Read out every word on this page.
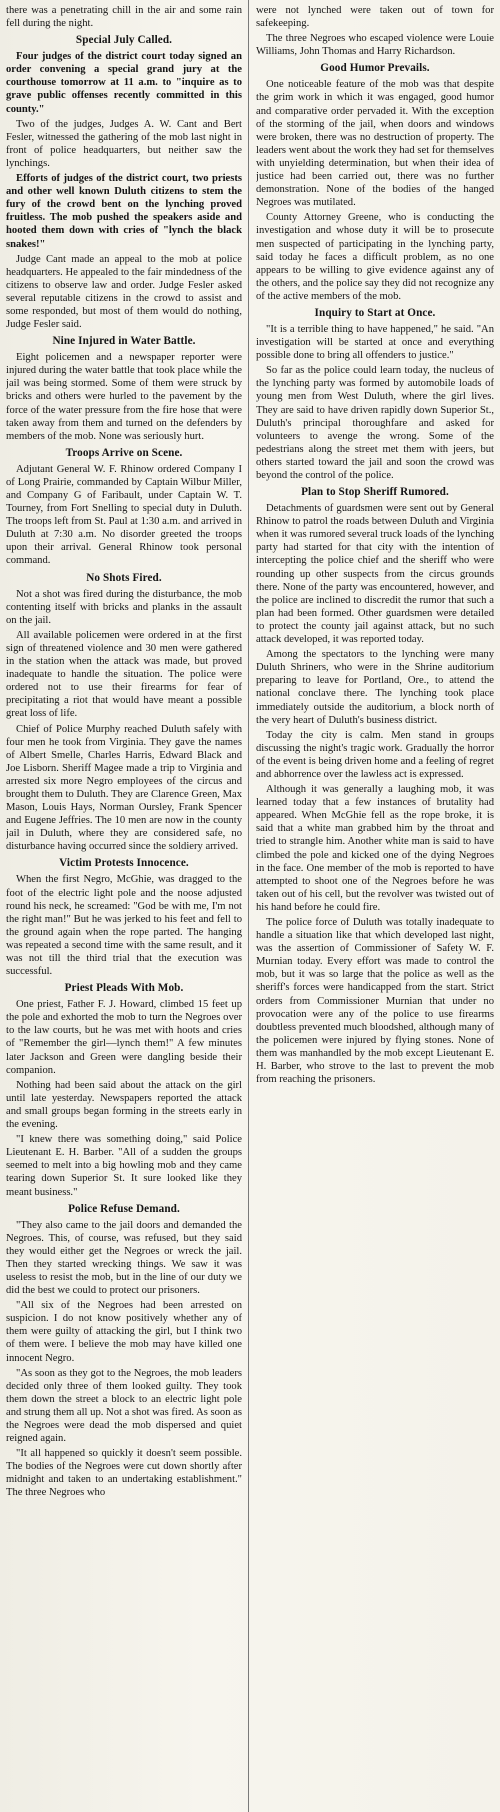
there was a penetrating chill in the air and some rain fell during the night.

Special July Called.

Four judges of the district court today signed an order convening a special grand jury at the courthouse tomorrow at 11 a.m. to "inquire as to grave public offenses recently committed in this county."

Two of the judges, Judges A. W. Cant and Bert Fesler, witnessed the gathering of the mob last night in front of police headquarters, but neither saw the lynchings.

Efforts of judges of the district court, two priests and other well known Duluth citizens to stem the fury of the crowd bent on the lynching proved fruitless. The mob pushed the speakers aside and hooted them down with cries of "lynch the black snakes!"

Judge Cant made an appeal to the mob at police headquarters. He appealed to the fair mindedness of the citizens to observe law and order. Judge Fesler asked several reputable citizens in the crowd to assist and some responded, but most of them would do nothing, Judge Fesler said.

Nine Injured in Water Battle.

Eight policemen and a newspaper reporter were injured during the water battle that took place while the jail was being stormed. Some of them were struck by bricks and others were hurled to the pavement by the force of the water pressure from the fire hose that were taken away from them and turned on the defenders by members of the mob. None was seriously hurt.

Troops Arrive on Scene.

Adjutant General W. F. Rhinow ordered Company I of Long Prairie, commanded by Captain Wilbur Miller, and Company G of Faribault, under Captain W. T. Tourney, from Fort Snelling to special duty in Duluth. The troops left from St. Paul at 1:30 a.m. and arrived in Duluth at 7:30 a.m. No disorder greeted the troops upon their arrival. General Rhinow took personal command.

No Shots Fired.

Not a shot was fired during the disturbance, the mob contenting itself with bricks and planks in the assault on the jail.

All available policemen were ordered in at the first sign of threatened violence and 30 men were gathered in the station when the attack was made, but proved inadequate to handle the situation. The police were ordered not to use their firearms for fear of precipitating a riot that would have meant a possible great loss of life.

Chief of Police Murphy reached Duluth safely with four men he took from Virginia. They gave the names of Albert Smelle, Charles Harris, Edward Black and Joe Lisborn. Sheriff Magee made a trip to Virginia and arrested six more Negro employees of the circus and brought them to Duluth. They are Clarence Green, Max Mason, Louis Hays, Norman Oursley, Frank Spencer and Eugene Jeffries. The 10 men are now in the county jail in Duluth, where they are considered safe, no disturbance having occurred since the soldiery arrived.

Victim Protests Innocence.

When the first Negro, McGhie, was dragged to the foot of the electric light pole and the noose adjusted round his neck, he screamed: "God be with me, I'm not the right man!" But he was jerked to his feet and fell to the ground again when the rope parted. The hanging was repeated a second time with the same result, and it was not till the third trial that the execution was successful.

Priest Pleads With Mob.

One priest, Father F. J. Howard, climbed 15 feet up the pole and exhorted the mob to turn the Negroes over to the law courts, but he was met with hoots and cries of "Remember the girl—lynch them!" A few minutes later Jackson and Green were dangling beside their companion.

Nothing had been said about the attack on the girl until late yesterday. Newspapers reported the attack and small groups began forming in the streets early in the evening.

"I knew there was something doing," said Police Lieutenant E. H. Barber. "All of a sudden the groups seemed to melt into a big howling mob and they came tearing down Superior St. It sure looked like they meant business."

Police Refuse Demand.

"They also came to the jail doors and demanded the Negroes. This, of course, was refused, but they said they would either get the Negroes or wreck the jail. Then they started wrecking things. We saw it was useless to resist the mob, but in the line of our duty we did the best we could to protect our prisoners.

"All six of the Negroes had been arrested on suspicion. I do not know positively whether any of them were guilty of attacking the girl, but I think two of them were. I believe the mob may have killed one innocent Negro.

"As soon as they got to the Negroes, the mob leaders decided only three of them looked guilty. They took them down the street a block to an electric light pole and strung them all up. Not a shot was fired. As soon as the Negroes were dead the mob dispersed and quiet reigned again.

"It all happened so quickly it doesn't seem possible. The bodies of the Negroes were cut down shortly after midnight and taken to an undertaking establishment." The three Negroes who

were not lynched were taken out of town for safekeeping.

The three Negroes who escaped violence were Louie Williams, John Thomas and Harry Richardson.

Good Humor Prevails.

One noticeable feature of the mob was that despite the grim work in which it was engaged, good humor and comparative order pervaded it. With the exception of the storming of the jail, when doors and windows were broken, there was no destruction of property. The leaders went about the work they had set for themselves with unyielding determination, but when their idea of justice had been carried out, there was no further demonstration. None of the bodies of the hanged Negroes was mutilated.

County Attorney Greene, who is conducting the investigation and whose duty it will be to prosecute men suspected of participating in the lynching party, said today he faces a difficult problem, as no one appears to be willing to give evidence against any of the others, and the police say they did not recognize any of the active members of the mob.

Inquiry to Start at Once.

"It is a terrible thing to have happened," he said. "An investigation will be started at once and everything possible done to bring all offenders to justice."

So far as the police could learn today, the nucleus of the lynching party was formed by automobile loads of young men from West Duluth, where the girl lives. They are said to have driven rapidly down Superior St., Duluth's principal thoroughfare and asked for volunteers to avenge the wrong. Some of the pedestrians along the street met them with jeers, but others started toward the jail and soon the crowd was beyond the control of the police.

Plan to Stop Sheriff Rumored.

Detachments of guardsmen were sent out by General Rhinow to patrol the roads between Duluth and Virginia when it was rumored several truck loads of the lynching party had started for that city with the intention of intercepting the police chief and the sheriff who were rounding up other suspects from the circus grounds there. None of the party was encountered, however, and the police are inclined to discredit the rumor that such a plan had been formed. Other guardsmen were detailed to protect the county jail against attack, but no such attack developed, it was reported today.

Among the spectators to the lynching were many Duluth Shriners, who were in the Shrine auditorium preparing to leave for Portland, Ore., to attend the national conclave there. The lynching took place immediately outside the auditorium, a block north of the very heart of Duluth's business district.

Today the city is calm. Men stand in groups discussing the night's tragic work. Gradually the horror of the event is being driven home and a feeling of regret and abhorrence over the lawless act is expressed.

Although it was generally a laughing mob, it was learned today that a few instances of brutality had appeared. When McGhie fell as the rope broke, it is said that a white man grabbed him by the throat and tried to strangle him. Another white man is said to have climbed the pole and kicked one of the dying Negroes in the face. One member of the mob is reported to have attempted to shoot one of the Negroes before he was taken out of his cell, but the revolver was twisted out of his hand before he could fire.

The police force of Duluth was totally inadequate to handle a situation like that which developed last night, was the assertion of Commissioner of Safety W. F. Murnian today. Every effort was made to control the mob, but it was so large that the police as well as the sheriff's forces were handicapped from the start. Strict orders from Commissioner Murnian that under no provocation were any of the police to use firearms doubtless prevented much bloodshed, although many of the policemen were injured by flying stones. None of them was manhandled by the mob except Lieutenant E. H. Barber, who strove to the last to prevent the mob from reaching the prisoners.
